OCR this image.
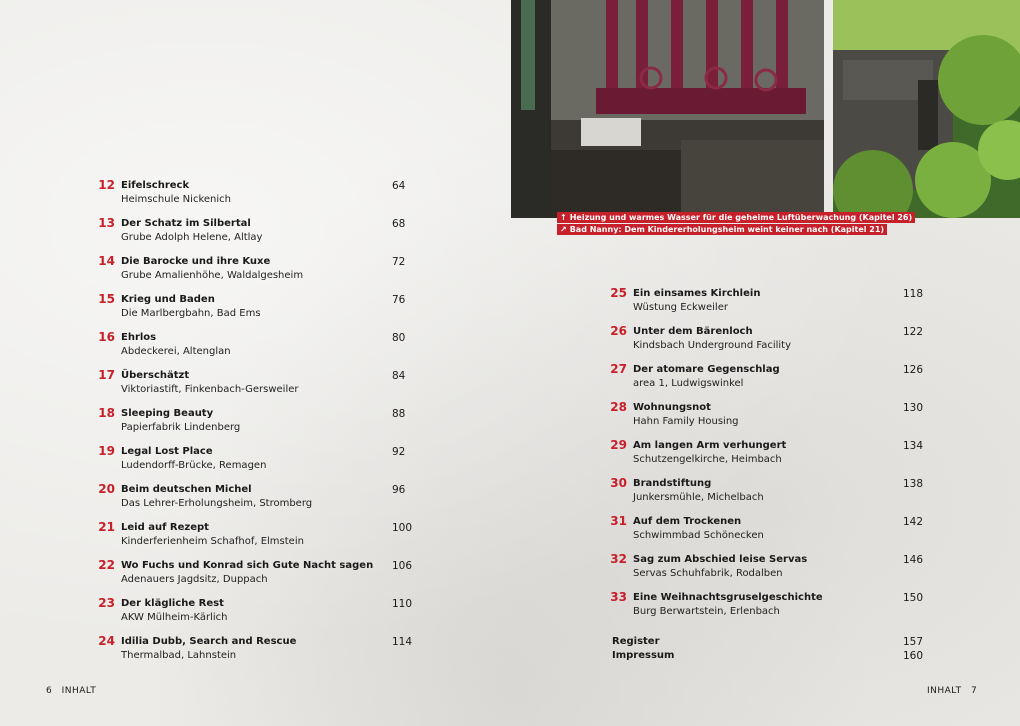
↑ Heizung und warmes Wasser für die geheime Luftüberwachung (Kapitel 26)
↗ Bad Nanny: Dem Kindererholungsheim weint keiner nach (Kapitel 21)
12 Eifelschreck
Heimschule Nickenich
64
13 Der Schatz im Silbertal
Grube Adolph Helene, Altlay
68
14 Die Barocke und ihre Kuxe
Grube Amalienhöhe, Waldalgesheim
72
15 Krieg und Baden
Die Marlbergbahn, Bad Ems
76
16 Ehrlos
Abdeckerei, Altenglan
80
17 Überschätzt
Viktoriastift, Finkenbach-Gersweiler
84
18 Sleeping Beauty
Papierfabrik Lindenberg
88
19 Legal Lost Place
Ludendorff-Brücke, Remagen
92
20 Beim deutschen Michel
Das Lehrer-Erholungsheim, Stromberg
96
21 Leid auf Rezept
Kinderferienheim Schafhof, Elmstein
100
22 Wo Fuchs und Konrad sich Gute Nacht sagen
Adenauers Jagdsitz, Duppach
106
23 Der klägliche Rest
AKW Mülheim-Kärlich
110
24 Idilia Dubb, Search and Rescue
Thermalbad, Lahnstein
114
25 Ein einsames Kirchlein
Wüstung Eckweiler
118
26 Unter dem Bärenloch
Kindsbach Underground Facility
122
27 Der atomare Gegenschlag
area 1, Ludwigswinkel
126
28 Wohnungsnot
Hahn Family Housing
130
29 Am langen Arm verhungert
Schutzengelkirche, Heimbach
134
30 Brandstiftung
Junkersmühle, Michelbach
138
31 Auf dem Trockenen
Schwimmbad Schönecken
142
32 Sag zum Abschied leise Servas
Servas Schuhfabrik, Rodalben
146
33 Eine Weihnachtsgruselgeschichte
Burg Berwartstein, Erlenbach
150
Register	157
Impressum	160
6 INHALT	INHALT 7
